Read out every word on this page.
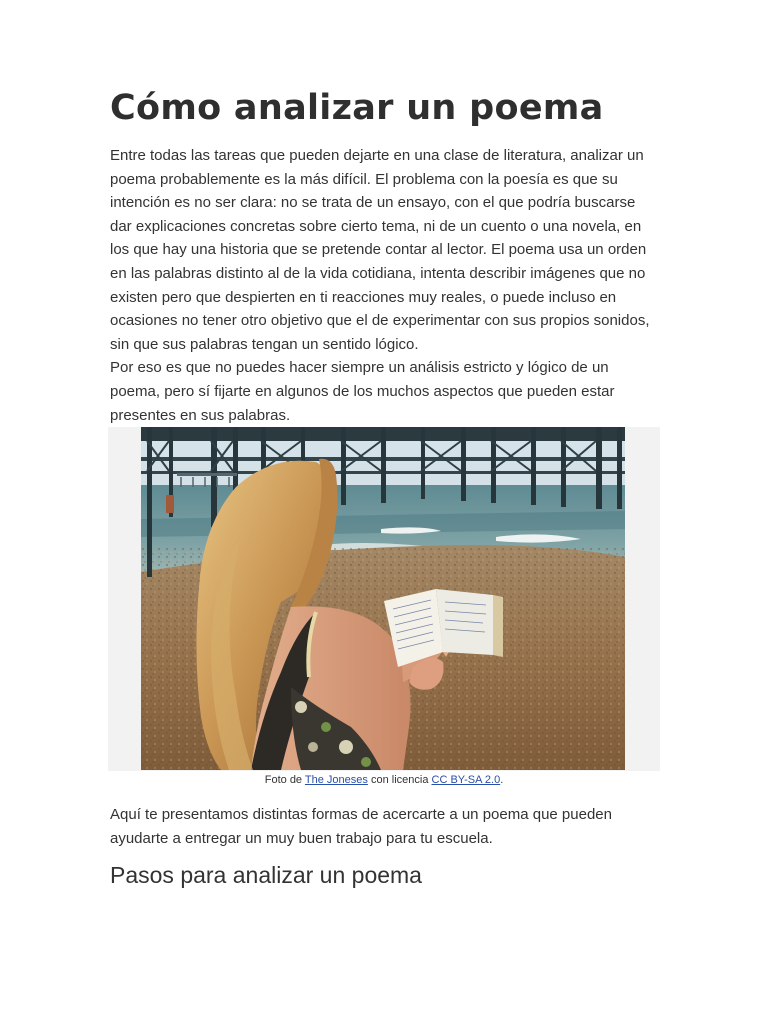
Cómo analizar un poema

Entre todas las tareas que pueden dejarte en una clase de literatura, analizar un poema probablemente es la más difícil. El problema con la poesía es que su intención es no ser clara: no se trata de un ensayo, con el que podría buscarse dar explicaciones concretas sobre cierto tema, ni de un cuento o una novela, en los que hay una historia que se pretende contar al lector. El poema usa un orden en las palabras distinto al de la vida cotidiana, intenta describir imágenes que no existen pero que despierten en ti reacciones muy reales, o puede incluso en ocasiones no tener otro objetivo que el de experimentar con sus propios sonidos, sin que sus palabras tengan un sentido lógico.

Por eso es que no puedes hacer siempre un análisis estricto y lógico de un poema, pero sí fijarte en algunos de los muchos aspectos que pueden estar presentes en sus palabras.

Foto de The Joneses con licencia CC BY-SA 2.0.

Aquí te presentamos distintas formas de acercarte a un poema que pueden ayudarte a entregar un muy buen trabajo para tu escuela.

Pasos para analizar un poema
